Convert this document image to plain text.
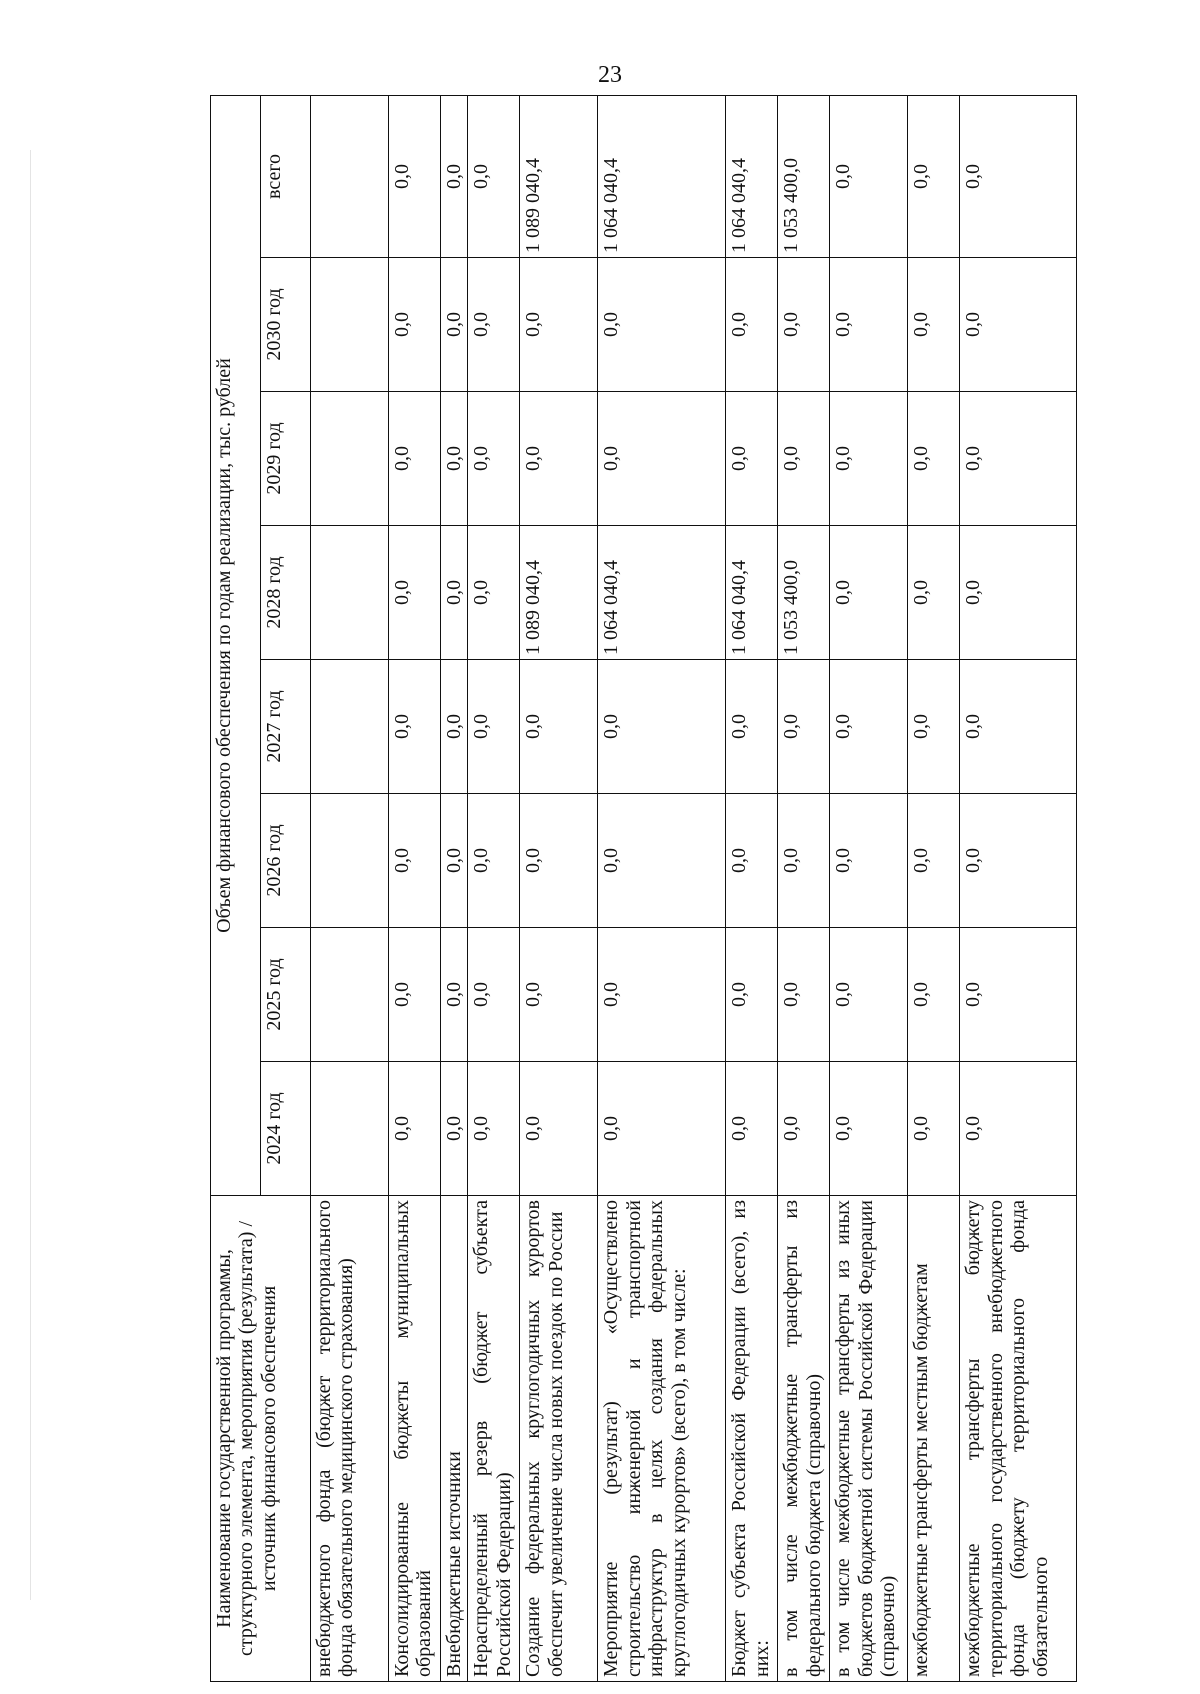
23
Наименование государственной программы, структурного элемента, мероприятия (результата) / источник финансового обеспечения	Объем финансового обеспечения по годам реализации, тыс. рублей							
	2024 год	2025 год	2026 год	2027 год	2028 год	2029 год	2030 год	всего
внебюджетного фонда (бюджет территориального фонда обязательного медицинского страхования)								
Консолидированные бюджеты муниципальных образований	0,0	0,0	0,0	0,0	0,0	0,0	0,0	0,0
Внебюджетные источники	0,0	0,0	0,0	0,0	0,0	0,0	0,0	0,0
Нераспределенный резерв (бюджет субъекта Российской Федерации)	0,0	0,0	0,0	0,0	0,0	0,0	0,0	0,0
Создание федеральных круглогодичных курортов обеспечит увеличение числа новых поездок по России	0,0	0,0	0,0	0,0	1 089 040,4	0,0	0,0	1 089 040,4
Мероприятие (результат) «Осуществлено строительство инженерной и транспортной инфраструктур в целях создания федеральных круглогодичных курортов» (всего), в том числе:	0,0	0,0	0,0	0,0	1 064 040,4	0,0	0,0	1 064 040,4
Бюджет субъекта Российской Федерации (всего), из них:	0,0	0,0	0,0	0,0	1 064 040,4	0,0	0,0	1 064 040,4
в том числе межбюджетные трансферты из федерального бюджета (справочно)	0,0	0,0	0,0	0,0	1 053 400,0	0,0	0,0	1 053 400,0
в том числе межбюджетные трансферты из иных бюджетов бюджетной системы Российской Федерации (справочно)	0,0	0,0	0,0	0,0	0,0	0,0	0,0	0,0
межбюджетные трансферты местным бюджетам	0,0	0,0	0,0	0,0	0,0	0,0	0,0	0,0
межбюджетные трансферты бюджету территориального государственного внебюджетного фонда (бюджету территориального фонда обязательного	0,0	0,0	0,0	0,0	0,0	0,0	0,0	0,0
